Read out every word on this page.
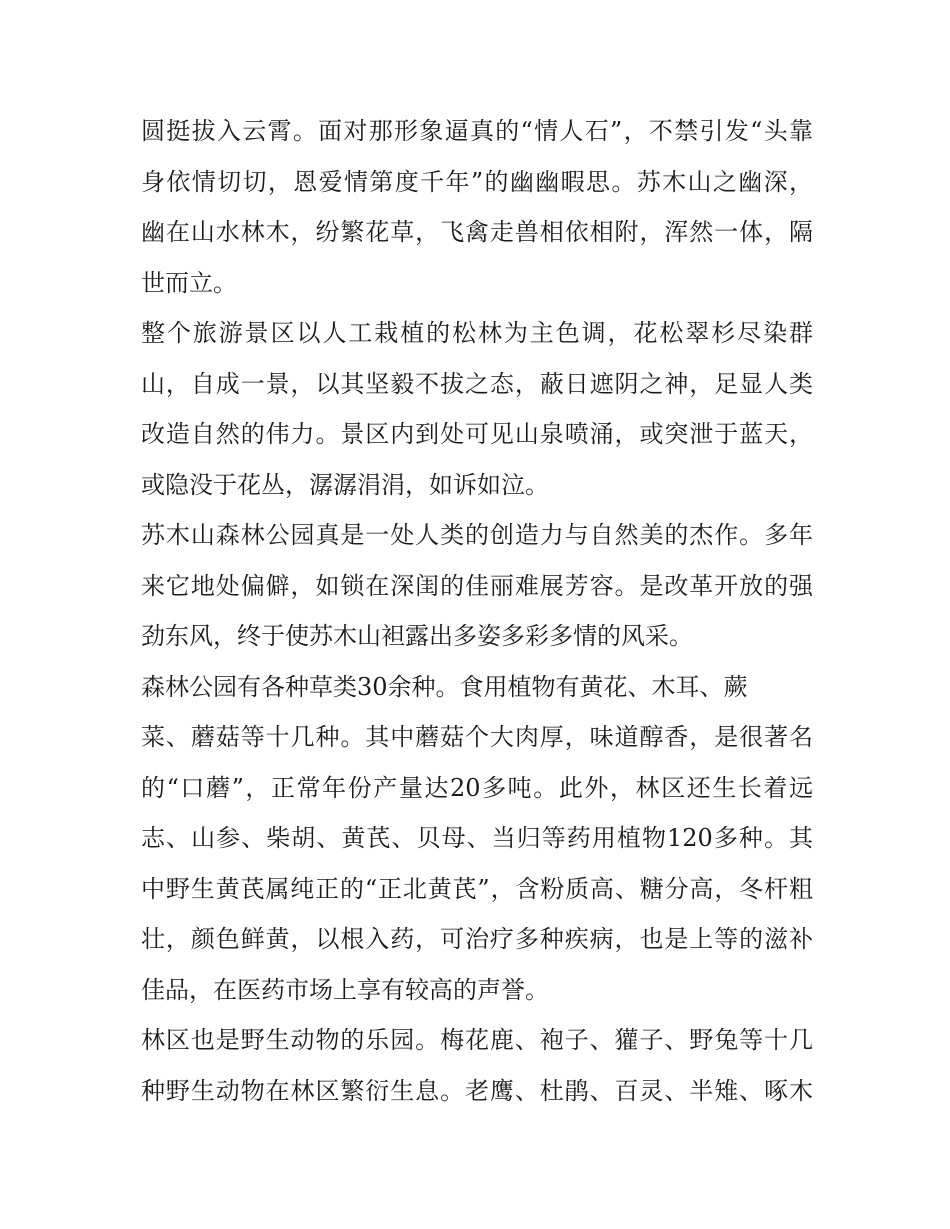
圆挺拔入云霄。面对那形象逼真的“情人石”，不禁引发“头靠
身依情切切，恩爱情第度千年”的幽幽暇思。苏木山之幽深，
幽在山水林木，纷繁花草，飞禽走兽相依相附，浑然一体，隔
世而立。
整个旅游景区以人工栽植的松林为主色调，花松翠杉尽染群
山，自成一景，以其坚毅不拔之态，蔽日遮阴之神，足显人类
改造自然的伟力。景区内到处可见山泉喷涌，或突泄于蓝天，
或隐没于花丛，潺潺涓涓，如诉如泣。
苏木山森林公园真是一处人类的创造力与自然美的杰作。多年
来它地处偏僻，如锁在深闺的佳丽难展芳容。是改革开放的强
劲东风，终于使苏木山袒露出多姿多彩多情的风采。
森林公园有各种草类30余种。食用植物有黄花、木耳、蕨
菜、蘑菇等十几种。其中蘑菇个大肉厚，味道醇香，是很著名
的“口蘑”，正常年份产量达20多吨。此外，林区还生长着远
志、山参、柴胡、黄芪、贝母、当归等药用植物120多种。其
中野生黄芪属纯正的“正北黄芪”，含粉质高、糖分高，冬杆粗
壮，颜色鲜黄，以根入药，可治疗多种疾病，也是上等的滋补
佳品，在医药市场上享有较高的声誉。
林区也是野生动物的乐园。梅花鹿、袍子、獾子、野兔等十几
种野生动物在林区繁衍生息。老鹰、杜鹃、百灵、半雉、啄木
